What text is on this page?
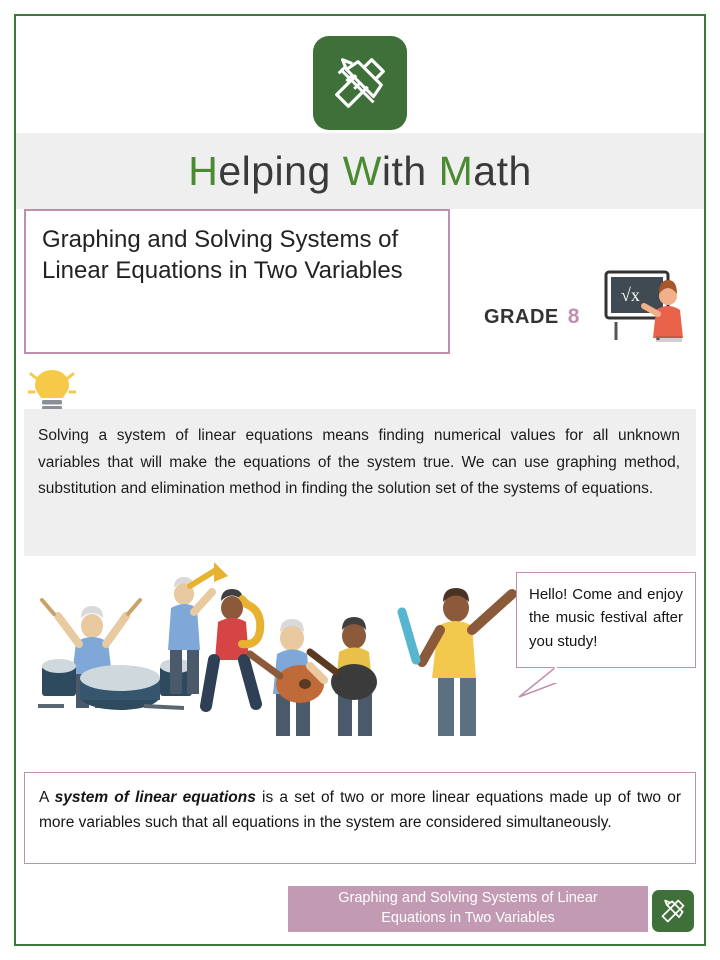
Helping With Math
Graphing and Solving Systems of Linear Equations in Two Variables
GRADE 8
√x
Solving a system of linear equations means finding numerical values for all unknown variables that will make the equations of the system true. We can use graphing method, substitution and elimination method in finding the solution set of the systems of equations.
Hello! Come and enjoy the music festival after you study!
A system of linear equations is a set of two or more linear equations made up of two or more variables such that all equations in the system are considered simultaneously.
Graphing and Solving Systems of Linear
Equations in Two Variables
